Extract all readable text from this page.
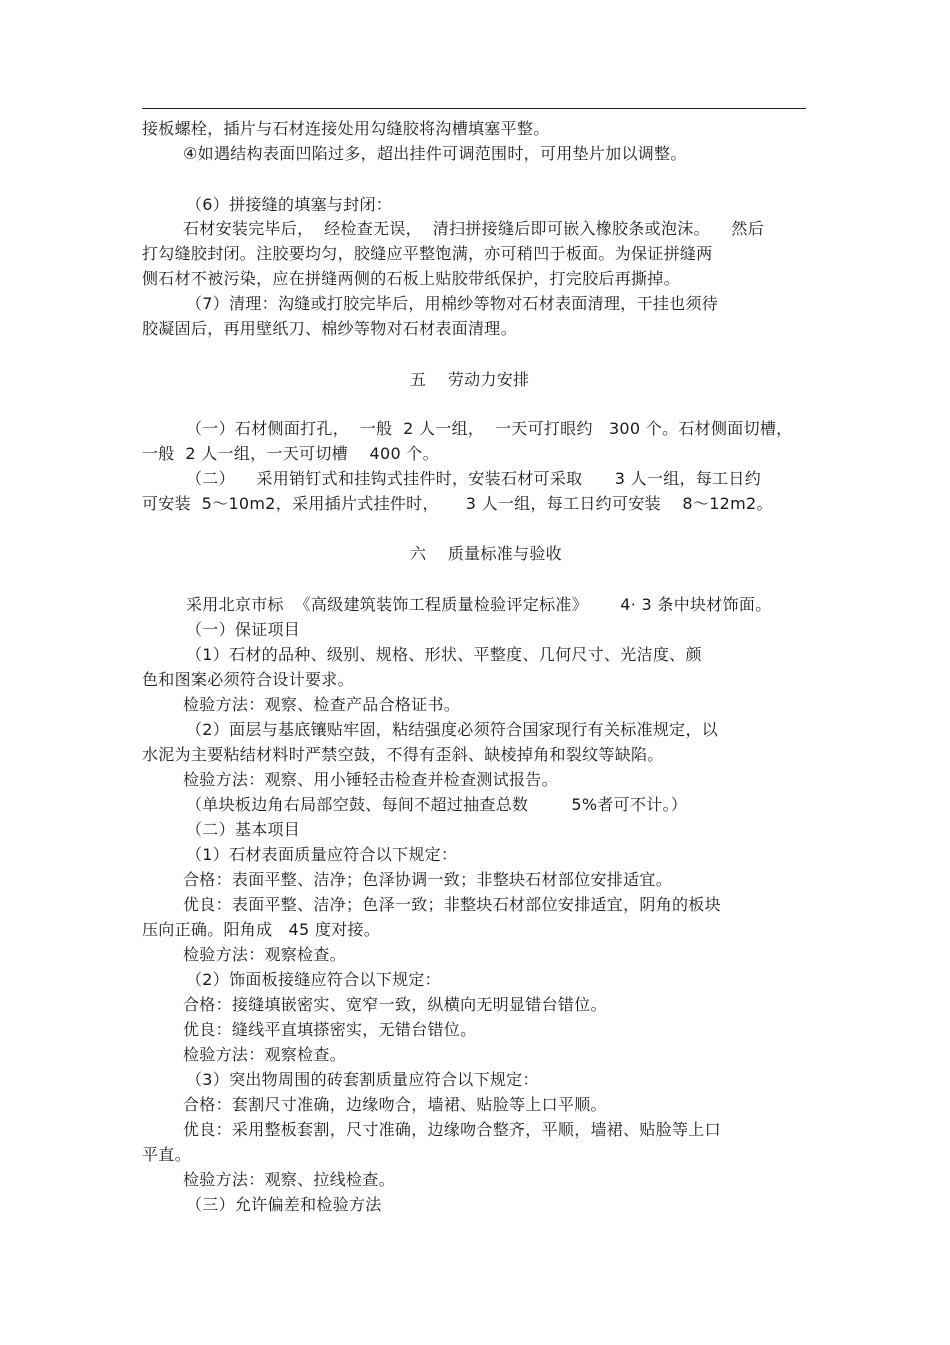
接板螺栓，插片与石材连接处用勾缝胶将沟槽填塞平整。
④如遇结构表面凹陷过多，超出挂件可调范围时，可用垫片加以调整。
（6）拼接缝的填塞与封闭：
石材安装完毕后，  经检查无误，  清扫拼接缝后即可嵌入橡胶条或泡沫。    然后
打勾缝胶封闭。注胶要均匀，胶缝应平整饱满，亦可稍凹于板面。为保证拼缝两
侧石材不被污染，应在拼缝两侧的石板上贴胶带纸保护，打完胶后再撕掉。
（7）清理：沟缝或打胶完毕后，用棉纱等物对石材表面清理，干挂也须待
胶凝固后，再用壁纸刀、棉纱等物对石材表面清理。
五    劳动力安排
（一）石材侧面打孔，  一般  2 人一组，  一天可打眼约   300 个。石材侧面切槽，
一般  2 人一组，一天可切槽    400 个。
（二）    采用销钉式和挂钩式挂件时，安装石材可采取      3 人一组，每工日约
可安装  5～10m2，采用插片式挂件时，     3 人一组，每工日约可安装    8～12m2。
六    质量标准与验收
采用北京市标  《高级建筑装饰工程质量检验评定标准》      4· 3 条中块材饰面。
（一）保证项目
（1）石材的品种、级别、规格、形状、平整度、几何尺寸、光洁度、颜
色和图案必须符合设计要求。
检验方法：观察、检查产品合格证书。
（2）面层与基底镶贴牢固，粘结强度必须符合国家现行有关标准规定，以
水泥为主要粘结材料时严禁空鼓，不得有歪斜、缺棱掉角和裂纹等缺陷。
检验方法：观察、用小锤轻击检查并检查测试报告。
（单块板边角右局部空鼓、每间不超过抽查总数        5%者可不计。）
（二）基本项目
（1）石材表面质量应符合以下规定：
合格：表面平整、洁净；色泽协调一致；非整块石材部位安排适宜。
优良：表面平整、洁净；色泽一致；非整块石材部位安排适宜，阴角的板块
压向正确。阳角成   45 度对接。
检验方法：观察检查。
（2）饰面板接缝应符合以下规定：
合格：接缝填嵌密实、宽窄一致，纵横向无明显错台错位。
优良：缝线平直填搽密实，无错台错位。
检验方法：观察检查。
（3）突出物周围的砖套割质量应符合以下规定：
合格：套割尺寸准确，边缘吻合，墙裙、贴脸等上口平顺。
优良：采用整板套割，尺寸准确，边缘吻合整齐，平顺，墙裙、贴脸等上口
平直。
检验方法：观察、拉线检查。
（三）允许偏差和检验方法
